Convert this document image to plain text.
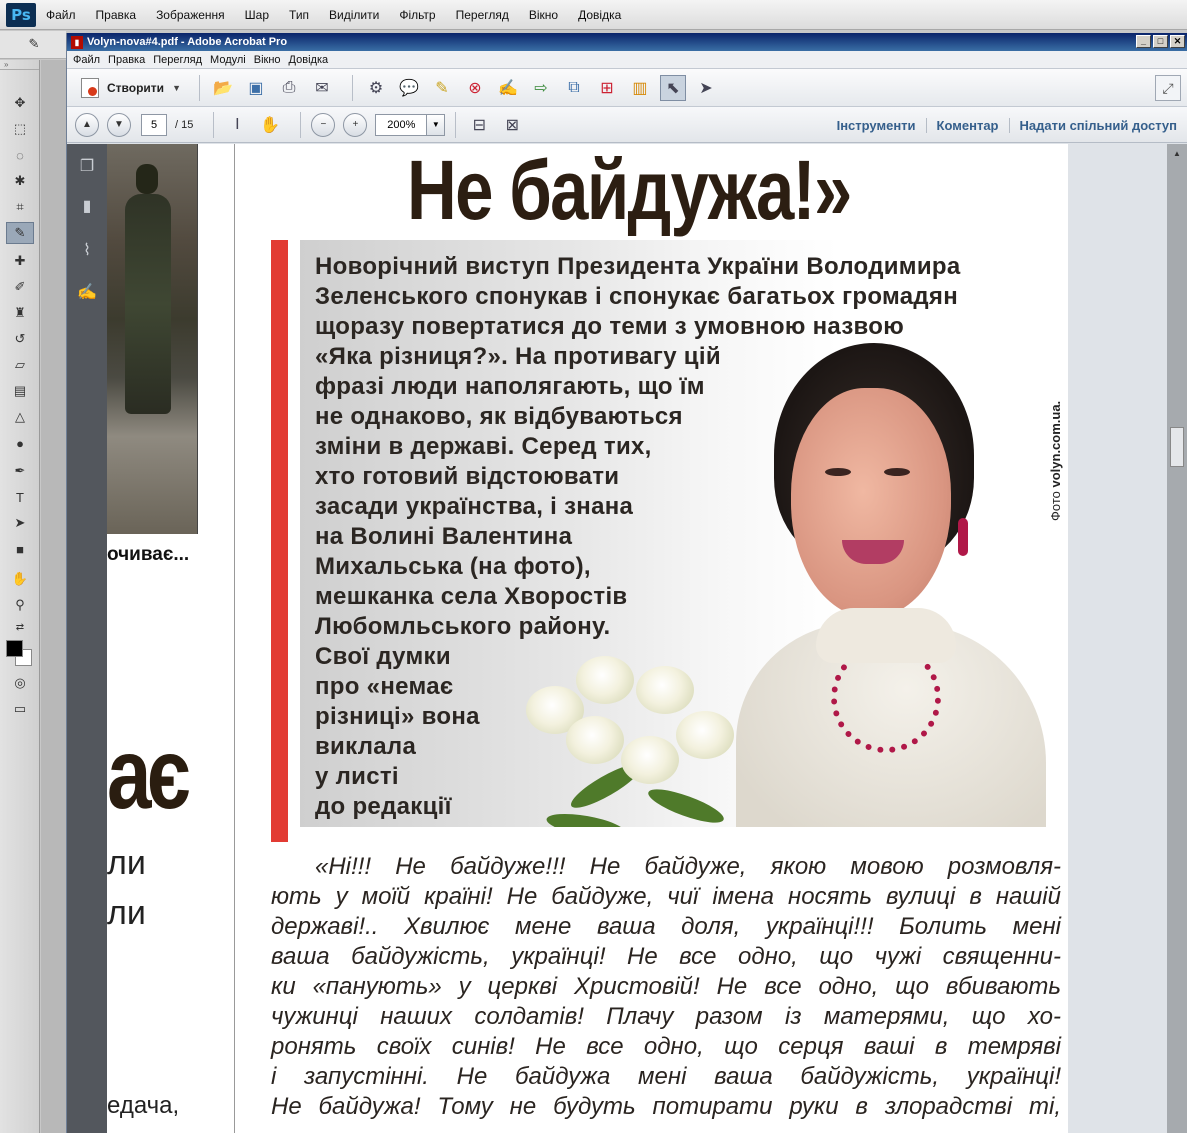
Ps	Файл Правка Зображення Шар Тип Виділити Фільтр Перегляд Вікно Довідка
✎
»
✥
⬚
◌
✱
⌗
✎
✚
✐
♜
↺
▱
▤
△
●
✒
T
➤
■
✋
⚲
⇄
◎
▭
▮ Volyn-nova#4.pdf - Adobe Acrobat Pro	_	□	✕
Файл Правка Перегляд Модулі Вікно Довідка
Створити ▼ 📂 ▣	⎙	✉	⚙ 💬	✎	⊗	✍	⇨	⧉	⊞	▥	⬉	➤	⤢
▲	▼	5	/ 15	I	✋	−	+	200%	▼	⊟	⊠	Інструменти	Коментар	Надати спільний доступ
❐
▮
⌇
✍
очиває...
ає
ли
ли
едача,
Не байдужа!»
Новорічний виступ Президента України Володимира
Зеленського спонукав і спонукає багатьох громадян
щоразу повертатися до теми з умовною назвою
«Яка різниця?». На противагу цій
фразі люди наполягають, що їм
не однаково, як відбуваються
зміни в державі. Серед тих,
хто готовий відстоювати
засади українства, і знана
на Волині Валентина
Михальська (на фото),
мешканка села Хворостів
Любомльського району.
Свої думки
про «немає
різниці» вона
виклала
у листі
до редакції
Фото volyn.com.ua.
«Ні!!! Не байдуже!!! Не байдуже, якою мовою розмовля-
ють у моїй країні! Не байдуже, чиї імена носять вулиці в нашій
державі!.. Хвилює мене ваша доля, українці!!! Болить мені
ваша байдужість, українці! Не все одно, що чужі священни-
ки «панують» у церкві Христовій! Не все одно, що вбивають
чужинці наших солдатів! Плачу разом із матерями, що хо-
ронять своїх синів! Не все одно, що серця ваші в темряві
і запустінні. Не байдужа мені ваша байдужість, українці!
Не байдужа! Тому не будуть потирати руки в злорадстві ті,
▲
